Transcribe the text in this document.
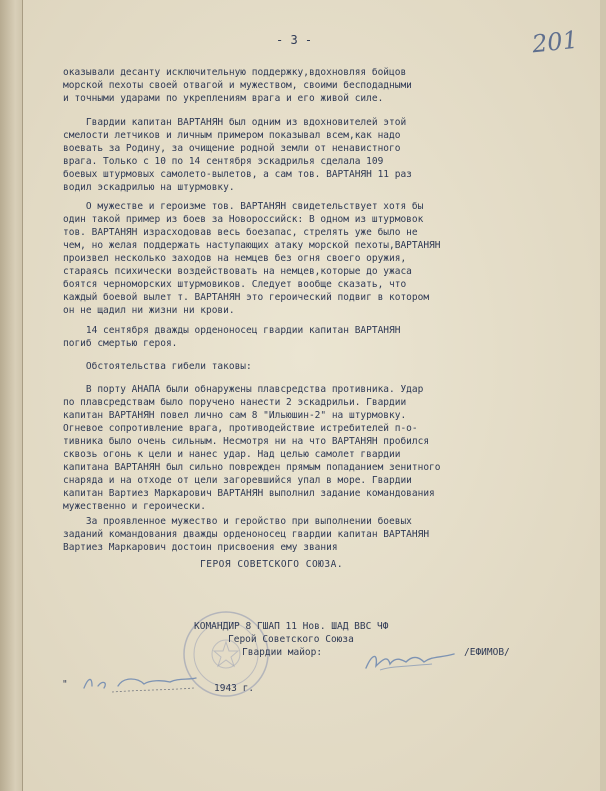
201

- 3 -

оказывали десанту исключительную поддержку,вдохновляя бойцов

морской пехоты своей отвагой и мужеством, своими бесподадными

и точными ударами по укреплениям врага и его живой силе.

Гвардии капитан ВАРТАНЯН был одним из вдохновителей этой

смелости летчиков и личным примером показывал всем,как надо

воевать за Родину, за очищение родной земли от ненавистного

врага. Только с 10 по 14 сентября эскадрилья сделала 109

боевых штурмовых самолето-вылетов, а сам тов. ВАРТАНЯН 11 раз

водил эскадрилью на штурмовку.

О мужестве и героизме тов. ВАРТАНЯН свидетельствует хотя бы

один такой пример из боев за Новороссийск: В одном из штурмовок

тов. ВАРТАНЯН израсходовав весь боезапас, стрелять уже было не

чем, но желая поддержать наступающих атаку морской пехоты,ВАРТАНЯН

произвел несколько заходов на немцев без огня своего оружия,

стараясь психически воздействовать на немцев,которые до ужаса

боятся черноморских штурмовиков. Следует вообще сказать, что

каждый боевой вылет т. ВАРТАНЯН это героический подвиг в котором

он не щадил ни жизни ни крови.

14 сентября дважды орденоносец гвардии капитан ВАРТАНЯН

погиб смертью героя.

Обстоятельства гибели таковы:

В порту АНАПА были обнаружены плавсредства противника. Удар

по плавсредствам было поручено нанести 2 эскадрильи. Гвардии

капитан ВАРТАНЯН повел лично сам 8 "Ильюшин-2" на штурмовку.

Огневое сопротивление врага, противодействие истребителей п-о-

тивника было очень сильным. Несмотря ни на что ВАРТАНЯН пробился

сквозь огонь к цели и нанес удар. Над целью самолет гвардии

капитана ВАРТАНЯН был сильно поврежден прямым попаданием зенитного

снаряда и на отходе от цели загоревшийся упал в море. Гвардии

капитан Вартиез Маркарович ВАРТАНЯН выполнил задание командования

мужественно и героически.

За проявленное мужество и геройство при выполнении боевых

заданий командования дважды орденоносец гвардии капитан ВАРТАНЯН

Вартиез Маркарович достоин присвоения ему звания

ГЕРОЯ СОВЕТСКОГО СОЮЗА.

КОМАНДИР 8 ГШАП 11 Нов. ШАД ВВС ЧФ

Герой Советского Союза

Гвардии майор:	/ЕФИМОВ/

"	1943 г.
